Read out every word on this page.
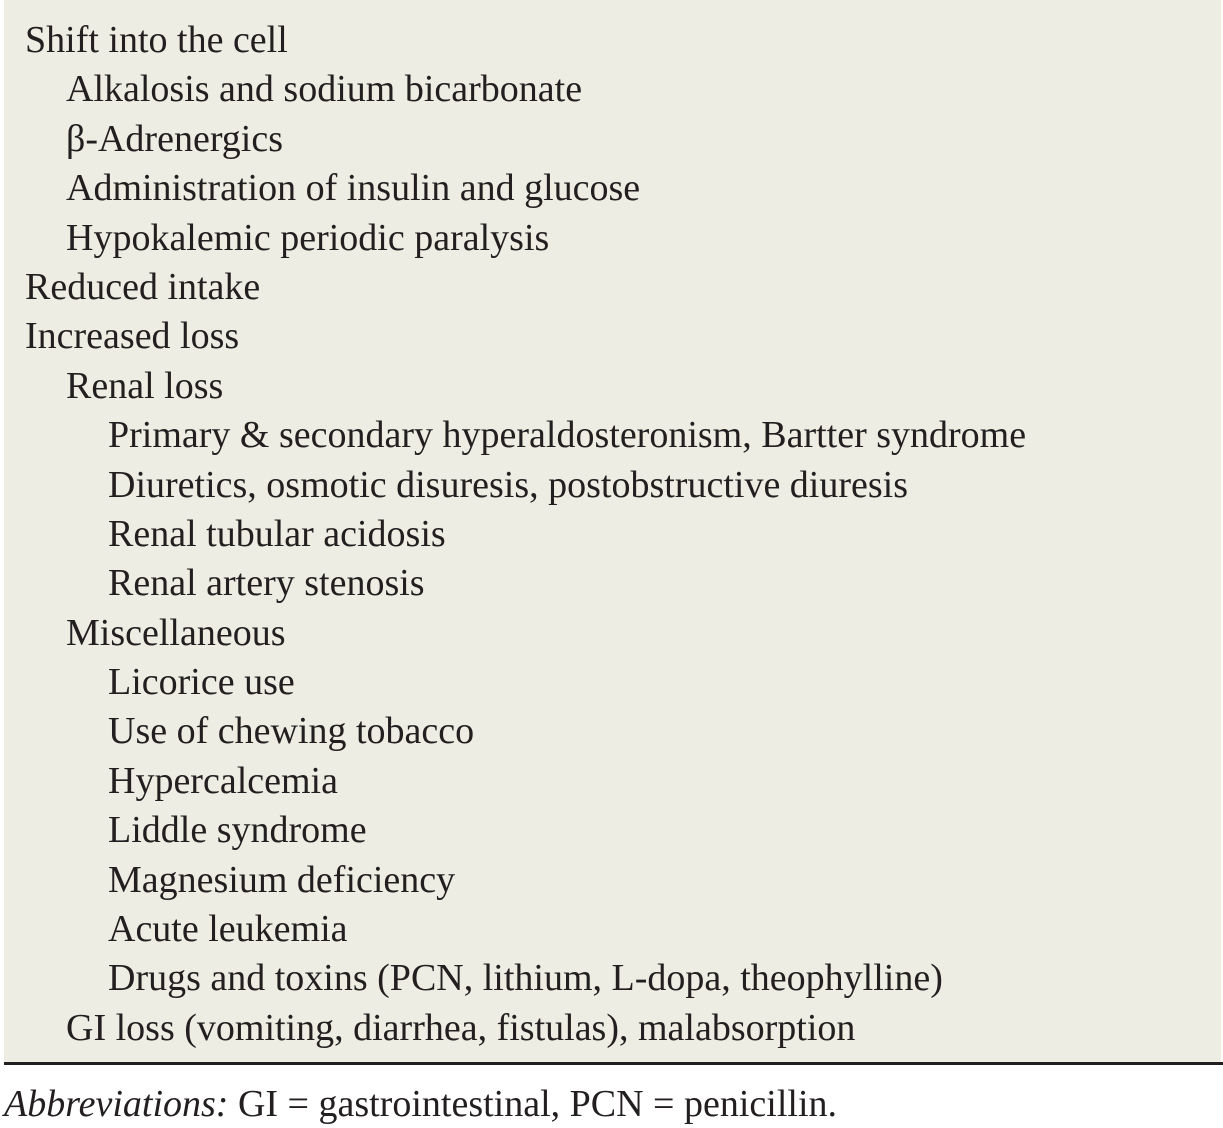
Shift into the cell
Alkalosis and sodium bicarbonate
β-Adrenergics
Administration of insulin and glucose
Hypokalemic periodic paralysis
Reduced intake
Increased loss
Renal loss
Primary & secondary hyperaldosteronism, Bartter syndrome
Diuretics, osmotic disuresis, postobstructive diuresis
Renal tubular acidosis
Renal artery stenosis
Miscellaneous
Licorice use
Use of chewing tobacco
Hypercalcemia
Liddle syndrome
Magnesium deficiency
Acute leukemia
Drugs and toxins (PCN, lithium, L-dopa, theophylline)
GI loss (vomiting, diarrhea, fistulas), malabsorption
Abbreviations: GI = gastrointestinal, PCN = penicillin.
